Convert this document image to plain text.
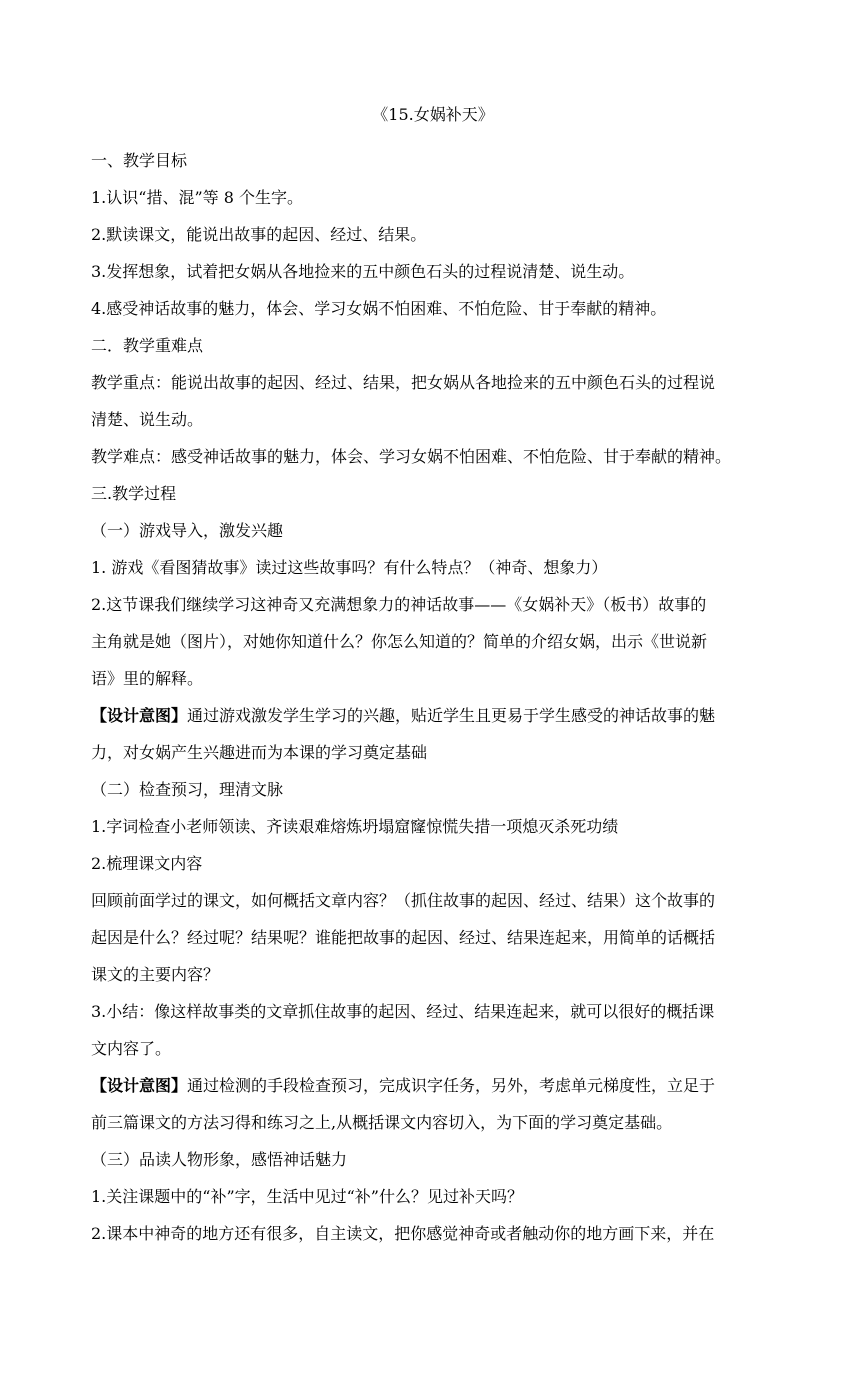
《15.女娲补天》
一、教学目标
1.认识“措、混”等 8 个生字。
2.默读课文，能说出故事的起因、经过、结果。
3.发挥想象，试着把女娲从各地捡来的五中颜色石头的过程说清楚、说生动。
4.感受神话故事的魅力，体会、学习女娲不怕困难、不怕危险、甘于奉献的精神。
二．教学重难点
教学重点：能说出故事的起因、经过、结果，把女娲从各地捡来的五中颜色石头的过程说
清楚、说生动。
教学难点：感受神话故事的魅力，体会、学习女娲不怕困难、不怕危险、甘于奉献的精神。
三.教学过程
（一）游戏导入，激发兴趣
1. 游戏《看图猜故事》读过这些故事吗？有什么特点？（神奇、想象力）
2.这节课我们继续学习这神奇又充满想象力的神话故事——《女娲补天》（板书）故事的
主角就是她（图片），对她你知道什么？你怎么知道的？简单的介绍女娲，出示《世说新
语》里的解释。
【设计意图】通过游戏激发学生学习的兴趣，贴近学生且更易于学生感受的神话故事的魅
力，对女娲产生兴趣进而为本课的学习奠定基础
（二）检查预习，理清文脉
1.字词检查小老师领读、齐读艰难熔炼坍塌窟窿惊慌失措一项熄灭杀死功绩
2.梳理课文内容
回顾前面学过的课文，如何概括文章内容？（抓住故事的起因、经过、结果）这个故事的
起因是什么？经过呢？结果呢？谁能把故事的起因、经过、结果连起来，用简单的话概括
课文的主要内容？
3.小结：像这样故事类的文章抓住故事的起因、经过、结果连起来，就可以很好的概括课
文内容了。
【设计意图】通过检测的手段检查预习，完成识字任务，另外，考虑单元梯度性，立足于
前三篇课文的方法习得和练习之上,从概括课文内容切入，为下面的学习奠定基础。
（三）品读人物形象，感悟神话魅力
1.关注课题中的“补”字，生活中见过“补”什么？见过补天吗？
2.课本中神奇的地方还有很多，自主读文，把你感觉神奇或者触动你的地方画下来，并在
